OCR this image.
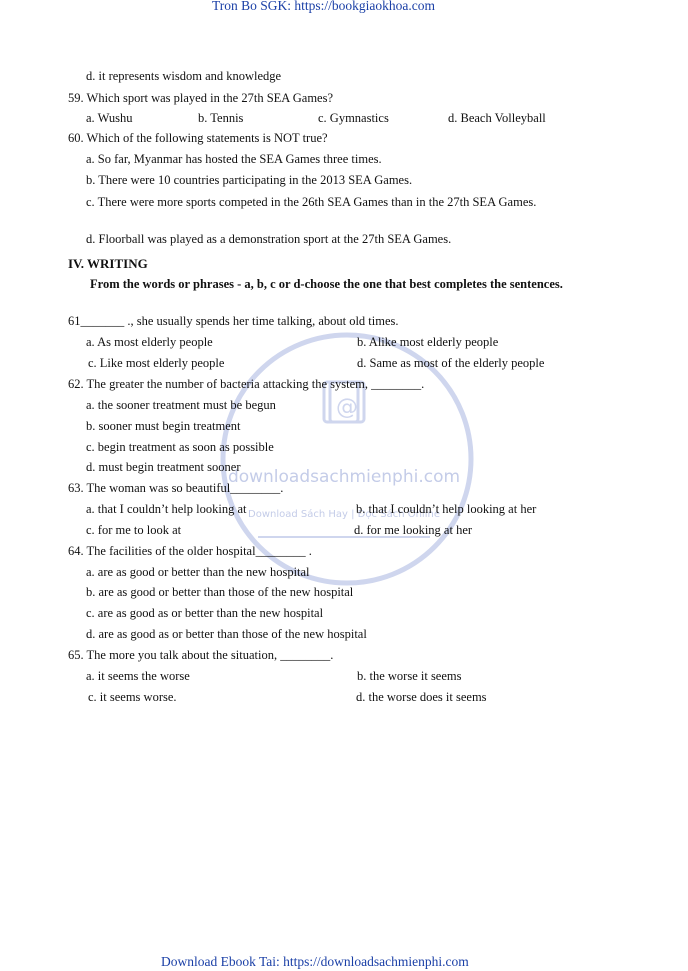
@
downloadsachmienphi.com
Download Sách Hay | Đọc Sách Online
Tron Bo SGK: https://bookgiaokhoa.com
d. it represents wisdom and knowledge
59. Which sport was played in the 27th SEA Games?
a. Wushu	b. Tennis	c. Gymnastics	d. Beach Volleyball
60. Which of the following statements is NOT true?
a. So far, Myanmar has hosted the SEA Games three times.
b. There were 10 countries participating in the 2013 SEA Games.
c. There were more sports competed in the 26th SEA Games than in the 27th SEA Games.
d. Floorball was played as a demonstration sport at the 27th SEA Games.
IV. WRITING
From the words or phrases - a, b, c or d-choose the one that best completes the sentences.
61_______ ., she usually spends her time talking, about old times.
a. As most elderly people	b. Alike most elderly people
c. Like most elderly people	d. Same as most of the elderly people
62. The greater the number of bacteria attacking the system, ________.
a. the sooner treatment must be begun
b. sooner must begin treatment
c. begin treatment as soon as possible
d. must begin treatment sooner
63. The woman was so beautiful________.
a. that I couldn’t help looking at	b. that I couldn’t help looking at her
c. for me to look at	d. for me looking at her
64. The facilities of the older hospital________ .
a. are as good or better than the new hospital
b. are as good or better than those of the new hospital
c. are as good as or better than the new hospital
d. are as good as or better than those of the new hospital
65. The more you talk about the situation, ________.
a. it seems the worse	b. the worse it seems
c. it seems worse.	d. the worse does it seems
Download Ebook Tai: https://downloadsachmienphi.com
